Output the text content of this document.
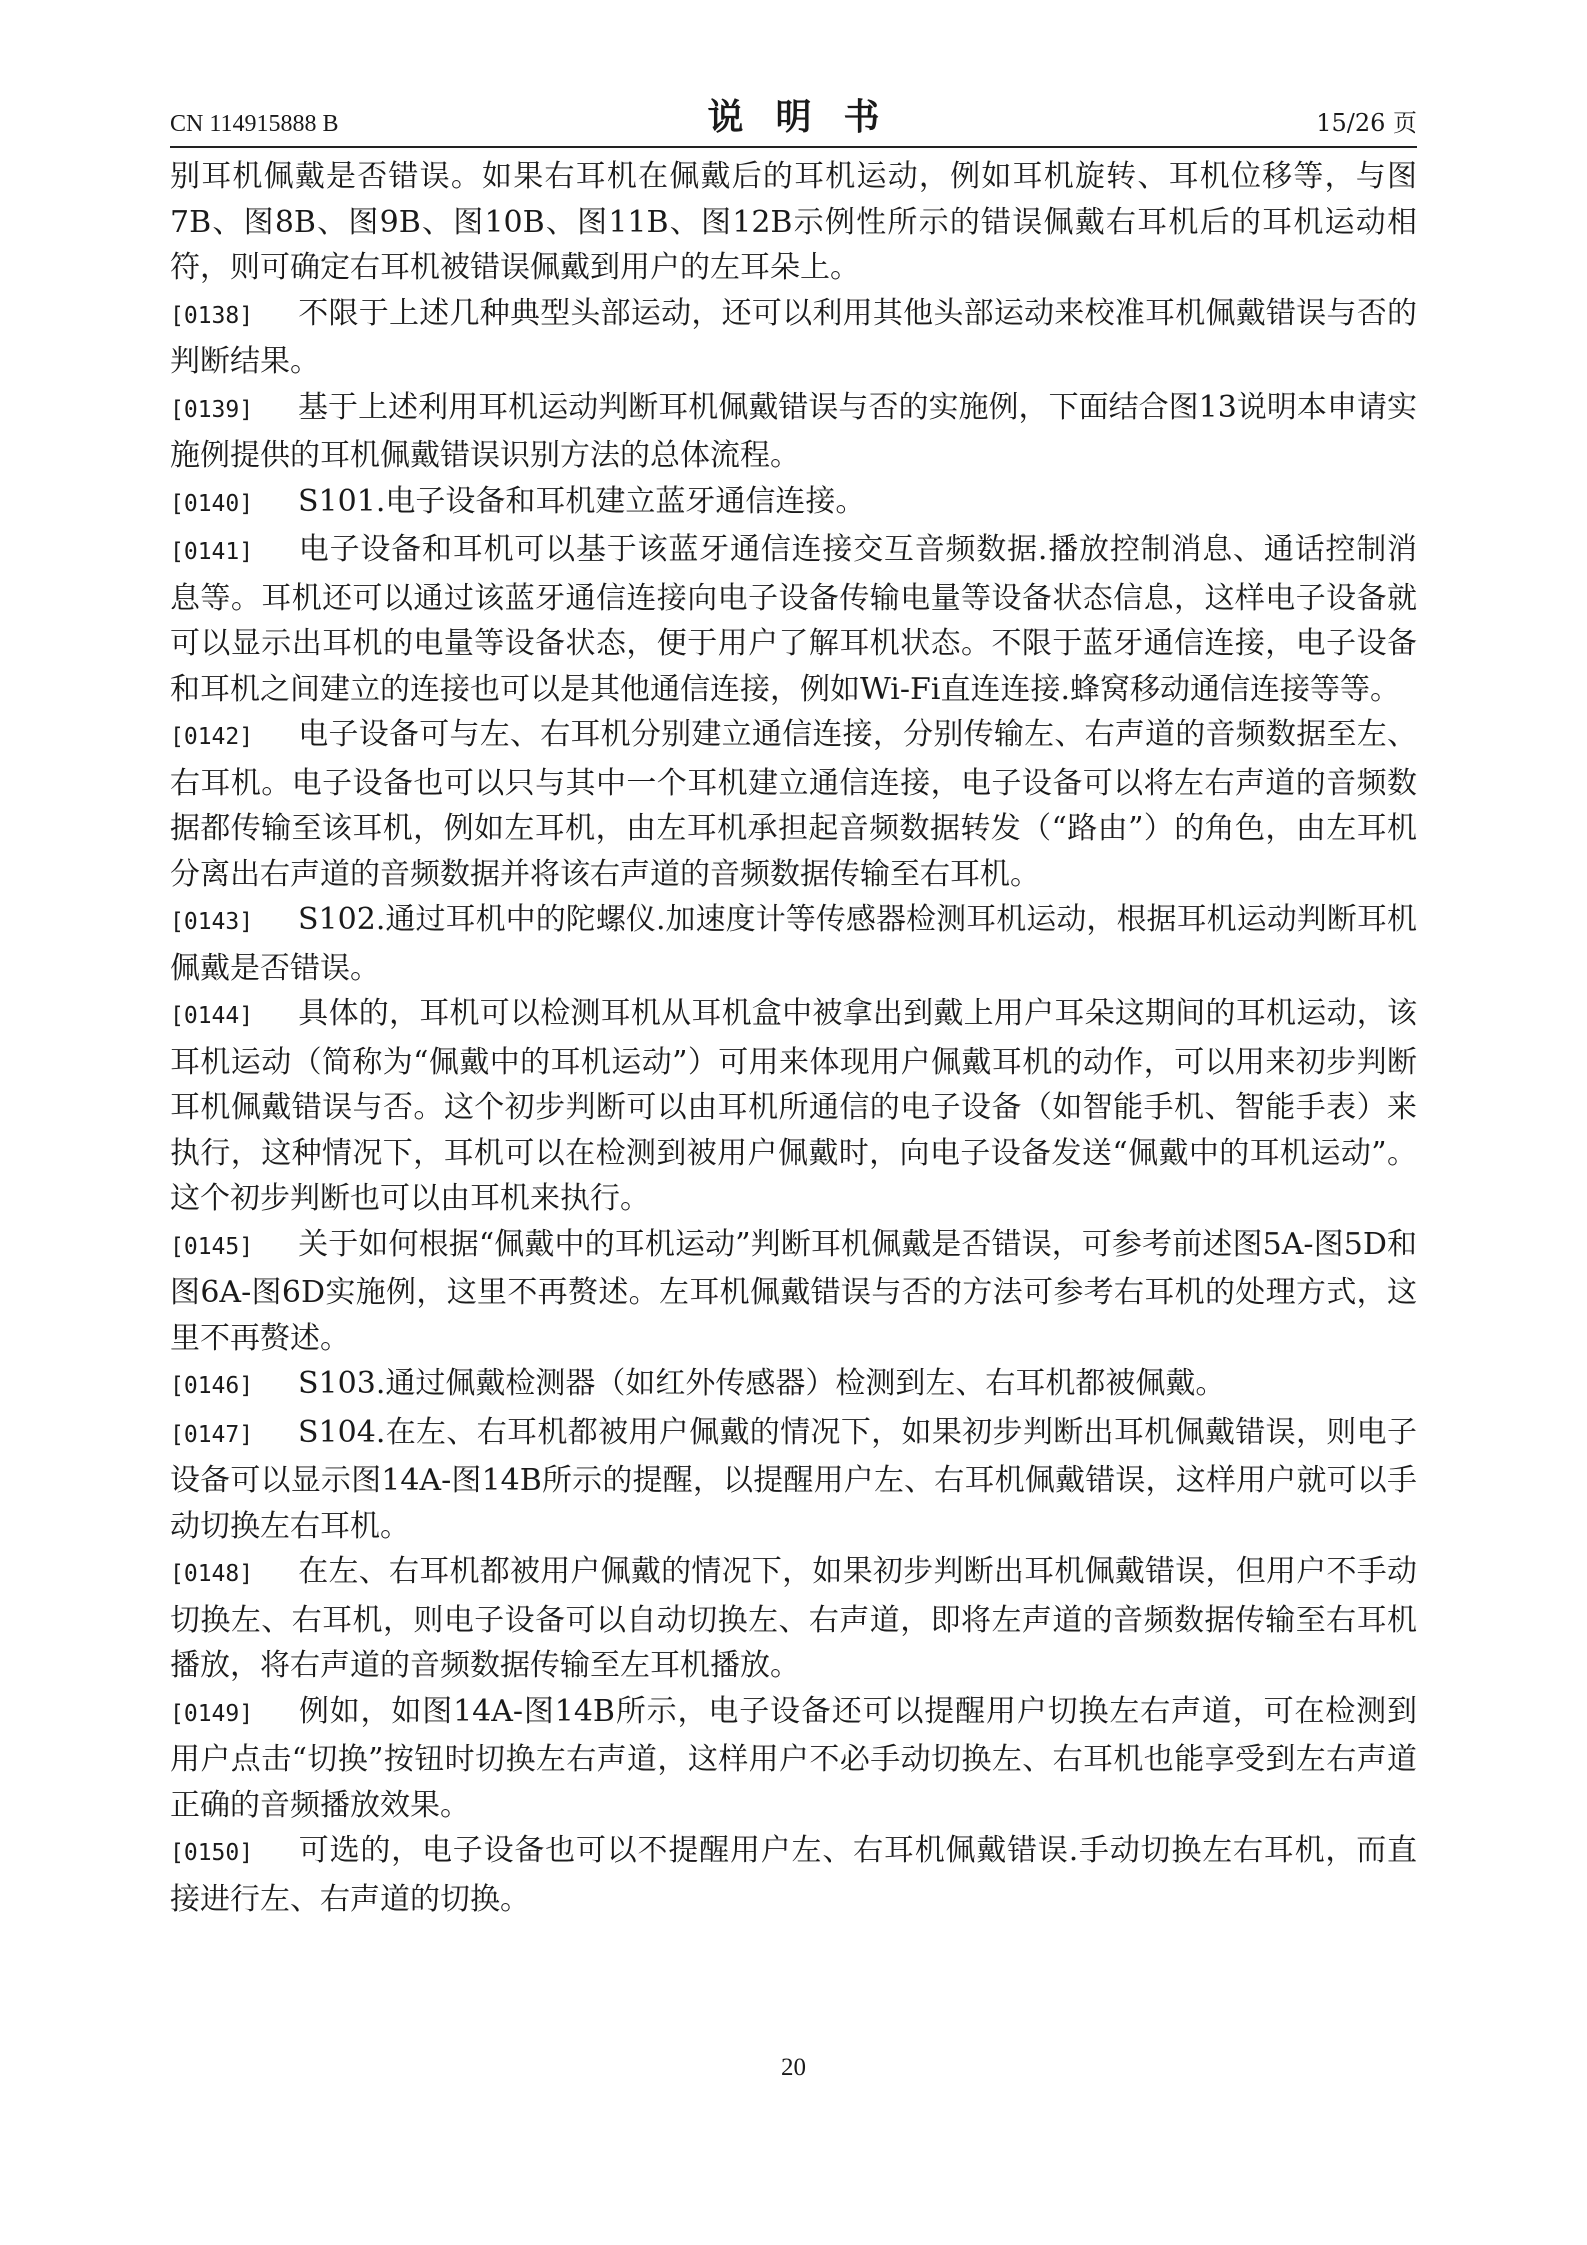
CN 114915888 B	说明书	15/26 页

别耳机佩戴是否错误。如果右耳机在佩戴后的耳机运动，例如耳机旋转、耳机位移等，与图7B、图8B、图9B、图10B、图11B、图12B示例性所示的错误佩戴右耳机后的耳机运动相符，则可确定右耳机被错误佩戴到用户的左耳朵上。

[0138] 不限于上述几种典型头部运动，还可以利用其他头部运动来校准耳机佩戴错误与否的判断结果。

[0139] 基于上述利用耳机运动判断耳机佩戴错误与否的实施例，下面结合图13说明本申请实施例提供的耳机佩戴错误识别方法的总体流程。

[0140] S101.电子设备和耳机建立蓝牙通信连接。

[0141] 电子设备和耳机可以基于该蓝牙通信连接交互音频数据.播放控制消息、通话控制消息等。耳机还可以通过该蓝牙通信连接向电子设备传输电量等设备状态信息，这样电子设备就可以显示出耳机的电量等设备状态，便于用户了解耳机状态。不限于蓝牙通信连接，电子设备和耳机之间建立的连接也可以是其他通信连接，例如Wi-Fi直连连接.蜂窝移动通信连接等等。

[0142] 电子设备可与左、右耳机分别建立通信连接，分别传输左、右声道的音频数据至左、右耳机。电子设备也可以只与其中一个耳机建立通信连接，电子设备可以将左右声道的音频数据都传输至该耳机，例如左耳机，由左耳机承担起音频数据转发（“路由”）的角色，由左耳机分离出右声道的音频数据并将该右声道的音频数据传输至右耳机。

[0143] S102.通过耳机中的陀螺仪.加速度计等传感器检测耳机运动，根据耳机运动判断耳机佩戴是否错误。

[0144] 具体的，耳机可以检测耳机从耳机盒中被拿出到戴上用户耳朵这期间的耳机运动，该耳机运动（简称为“佩戴中的耳机运动”）可用来体现用户佩戴耳机的动作，可以用来初步判断耳机佩戴错误与否。这个初步判断可以由耳机所通信的电子设备（如智能手机、智能手表）来执行，这种情况下，耳机可以在检测到被用户佩戴时，向电子设备发送“佩戴中的耳机运动”。这个初步判断也可以由耳机来执行。

[0145] 关于如何根据“佩戴中的耳机运动”判断耳机佩戴是否错误，可参考前述图5A-图5D和图6A-图6D实施例，这里不再赘述。左耳机佩戴错误与否的方法可参考右耳机的处理方式，这里不再赘述。

[0146] S103.通过佩戴检测器（如红外传感器）检测到左、右耳机都被佩戴。

[0147] S104.在左、右耳机都被用户佩戴的情况下，如果初步判断出耳机佩戴错误，则电子设备可以显示图14A-图14B所示的提醒，以提醒用户左、右耳机佩戴错误，这样用户就可以手动切换左右耳机。

[0148] 在左、右耳机都被用户佩戴的情况下，如果初步判断出耳机佩戴错误，但用户不手动切换左、右耳机，则电子设备可以自动切换左、右声道，即将左声道的音频数据传输至右耳机播放，将右声道的音频数据传输至左耳机播放。

[0149] 例如，如图14A-图14B所示，电子设备还可以提醒用户切换左右声道，可在检测到用户点击“切换”按钮时切换左右声道，这样用户不必手动切换左、右耳机也能享受到左右声道正确的音频播放效果。

[0150] 可选的，电子设备也可以不提醒用户左、右耳机佩戴错误.手动切换左右耳机，而直接进行左、右声道的切换。

20
